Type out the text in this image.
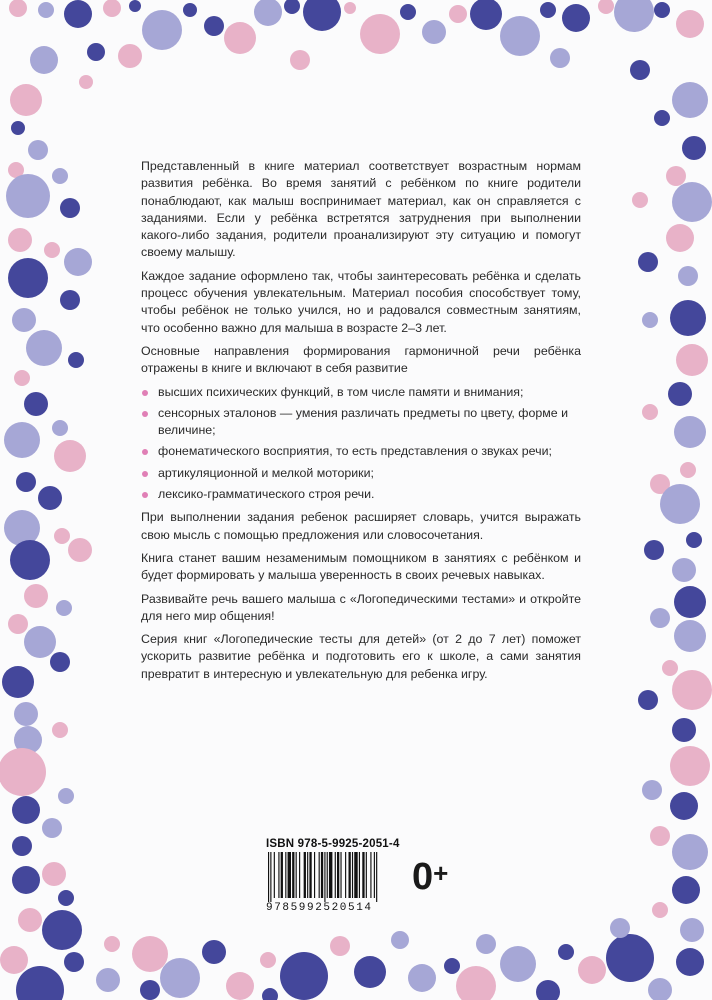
Представленный в книге материал соответствует возрастным нормам развития ребёнка. Во время занятий с ребёнком по книге родители понаблюдают, как малыш воспринимает материал, как он справляется с заданиями. Если у ребёнка встретятся затруднения при выполнении какого-либо задания, родители проанализируют эту ситуацию и помогут своему малышу.

Каждое задание оформлено так, чтобы заинтересовать ребёнка и сделать процесс обучения увлекательным. Материал пособия способствует тому, чтобы ребёнок не только учился, но и радовался совместным занятиям, что особенно важно для малыша в возрасте 2–3 лет.

Основные направления формирования гармоничной речи ребёнка отражены в книге и включают в себя развитие

высших психических функций, в том числе памяти и внимания;
сенсорных эталонов — умения различать предметы по цвету, форме и величине;
фонематического восприятия, то есть представления о звуках речи;
артикуляционной и мелкой моторики;
лексико-грамматического строя речи.

При выполнении задания ребенок расширяет словарь, учится выражать свою мысль с помощью предложения или словосочетания.

Книга станет вашим незаменимым помощником в занятиях с ребёнком и будет формировать у малыша уверенность в своих речевых навыках.

Развивайте речь вашего малыша с «Логопедическими тестами» и откройте для него мир общения!

Серия книг «Логопедические тесты для детей» (от 2 до 7 лет) поможет ускорить развитие ребёнка и подготовить его к школе, а сами занятия превратит в интересную и увлекательную для ребенка игру.

ISBN 978-5-9925-2051-4
9785992520514
0+
